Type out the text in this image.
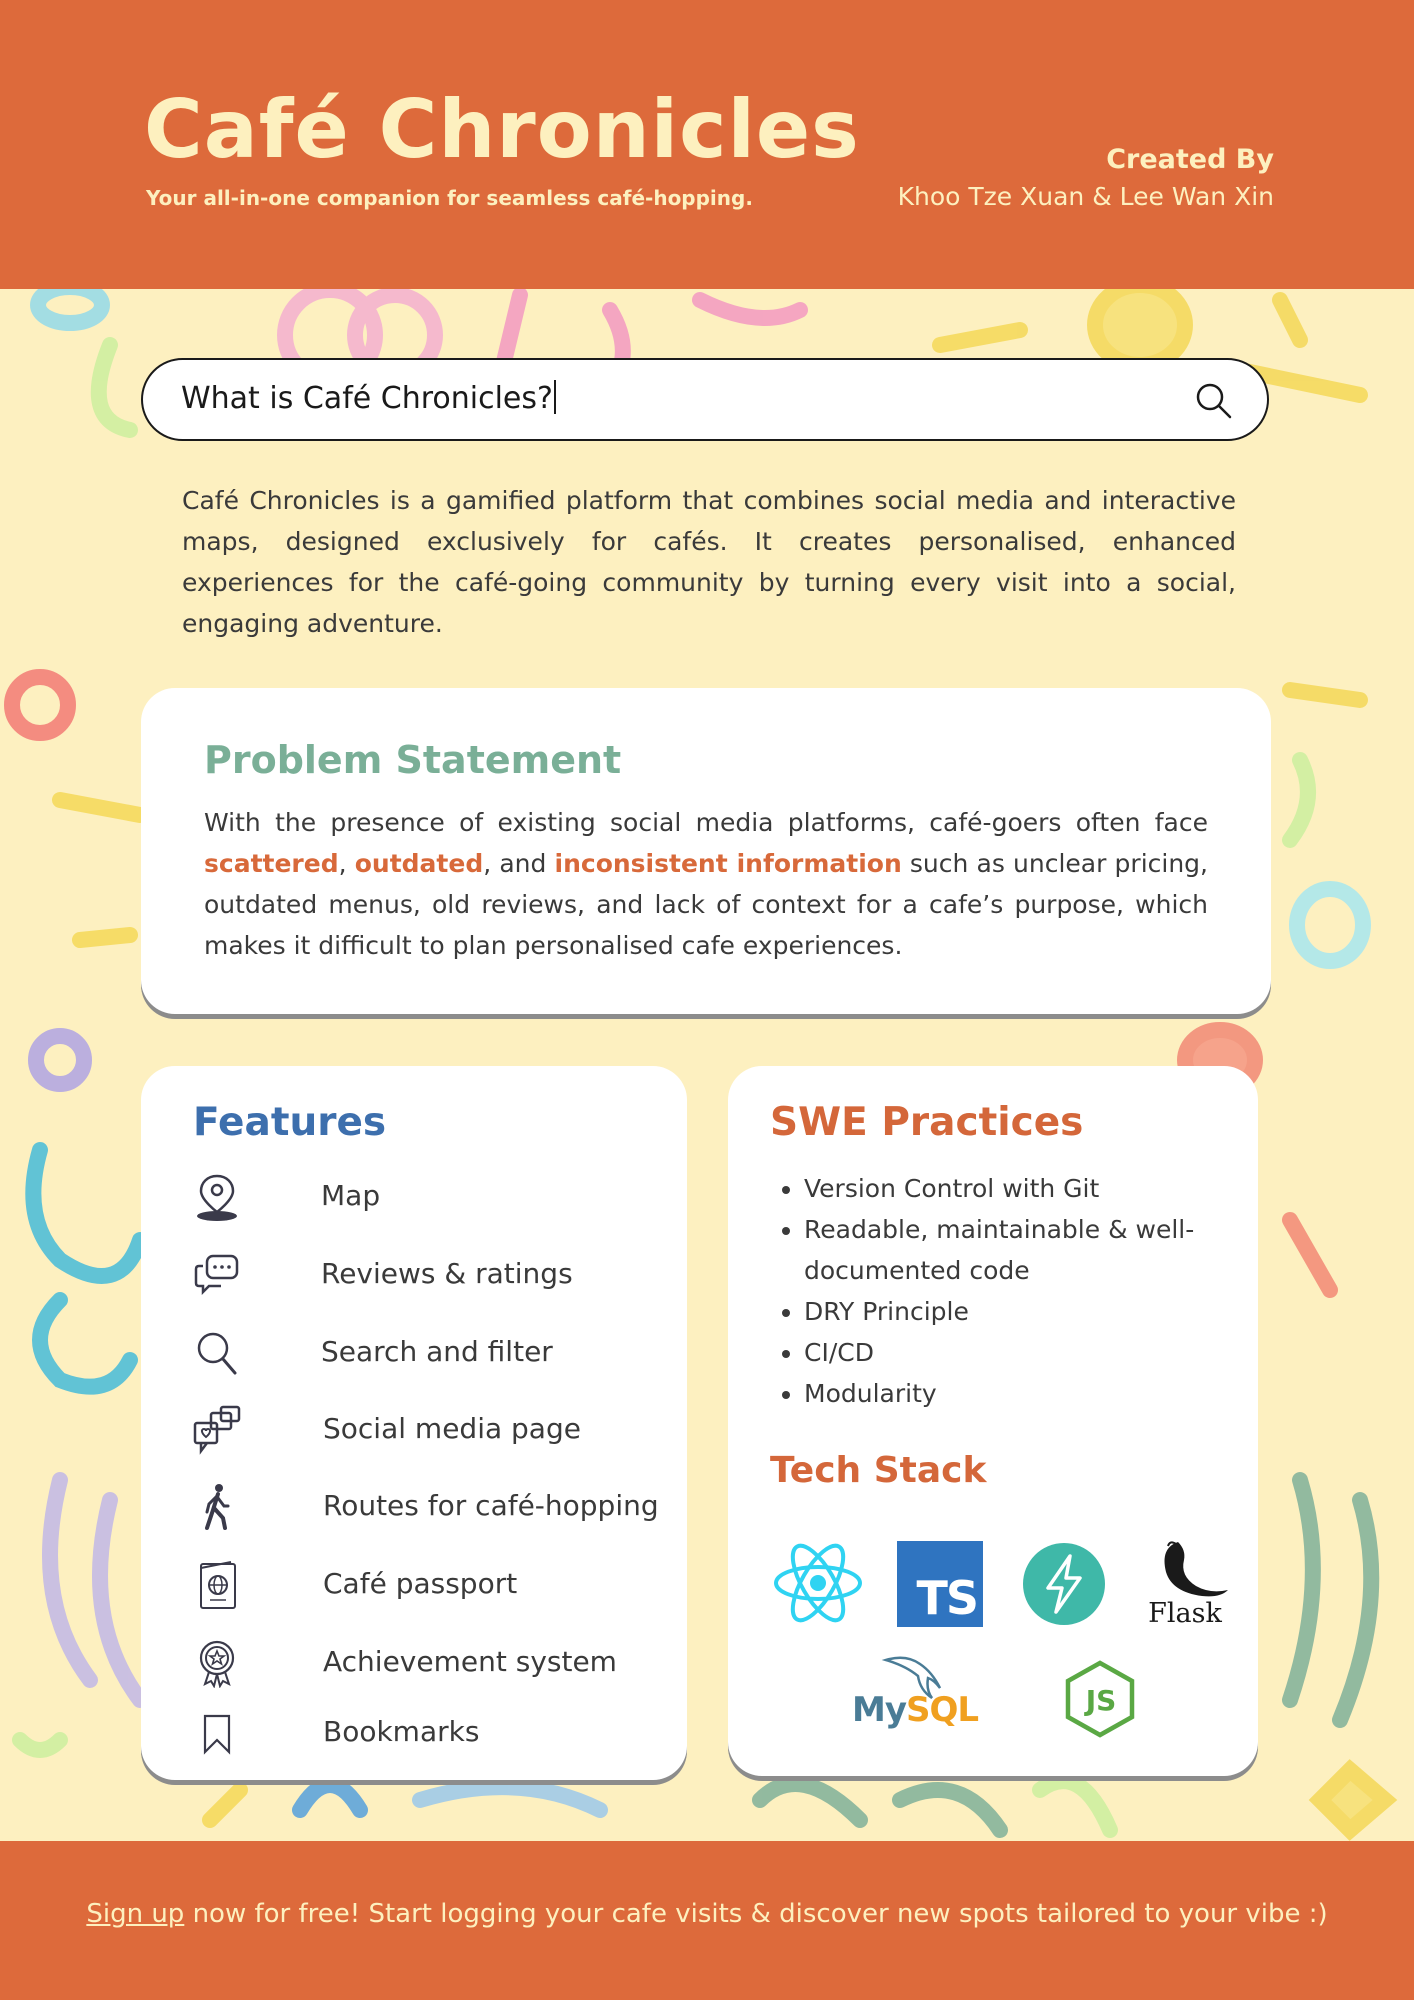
Café Chronicles
Your all-in-one companion for seamless café-hopping.
Created By
Khoo Tze Xuan & Lee Wan Xin
What is Café Chronicles?

Café Chronicles is a gamified platform that combines social media and interactive maps, designed exclusively for cafés. It creates personalised, enhanced experiences for the café-going community by turning every visit into a social, engaging adventure.

Problem Statement

With the presence of existing social media platforms, café-goers often face scattered, outdated, and inconsistent information such as unclear pricing, outdated menus, old reviews, and lack of context for a cafe’s purpose, which makes it difficult to plan personalised cafe experiences.

Features
Map
Reviews & ratings
Search and filter
Social media page
Routes for café-hopping
Café passport
Achievement system
Bookmarks
SWE Practices
• Version Control with Git
• Readable, maintainable & well-documented code
• DRY Principle
• CI/CD
• Modularity
Tech Stack
TS	Flask
MySQL	JS
Sign up now for free! Start logging your cafe visits & discover new spots tailored to your vibe :)
